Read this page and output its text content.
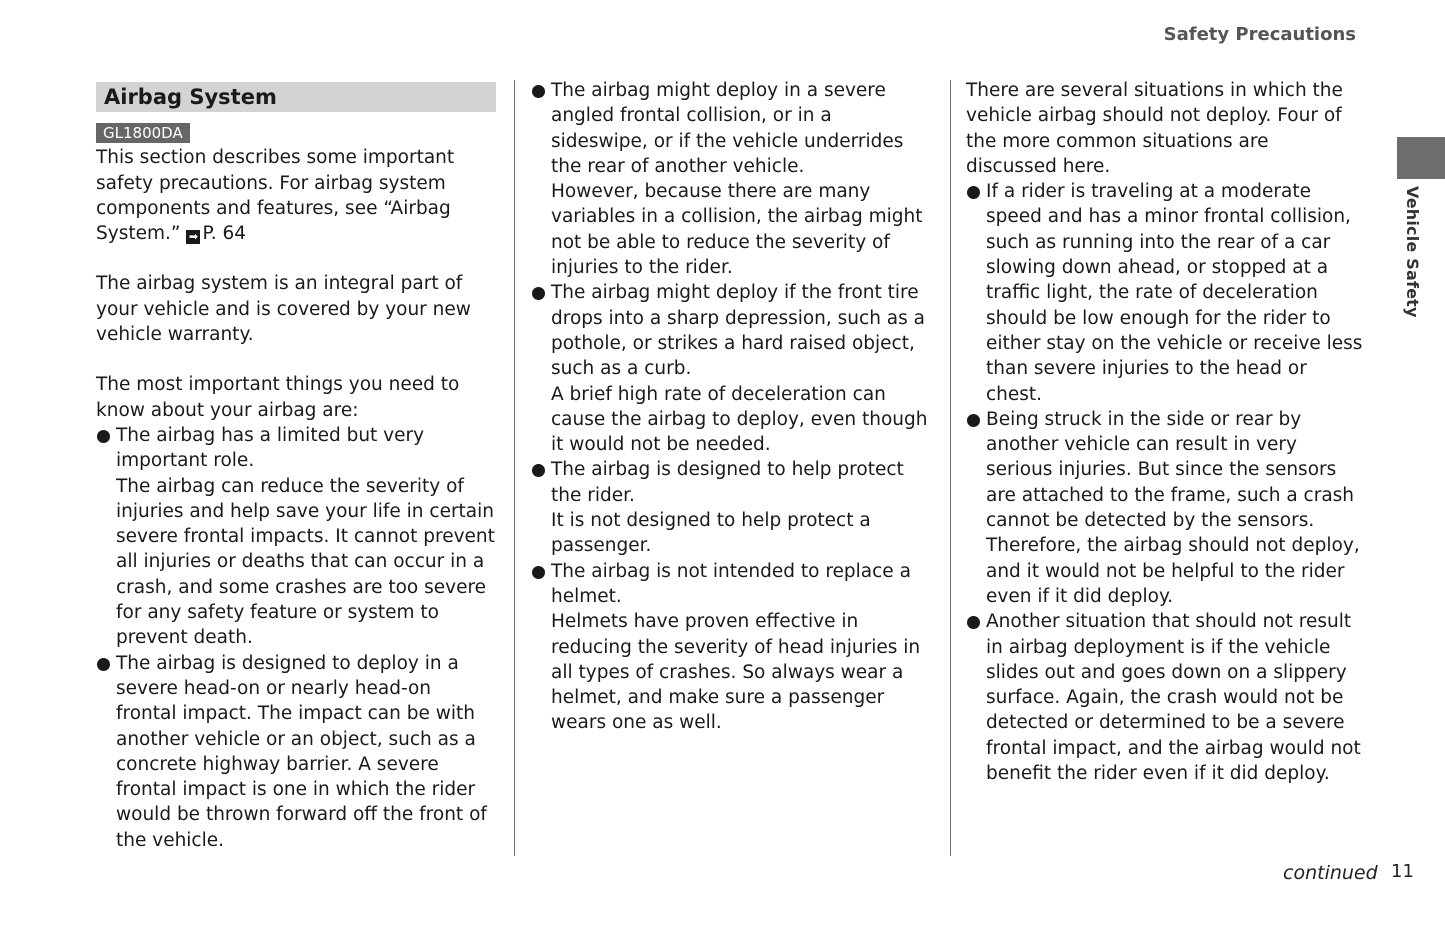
Safety Precautions
Vehicle Safety
Airbag System
GL1800DA

This section describes some important safety precautions. For airbag system components and features, see “Airbag System.” ➡ P. 64

The airbag system is an integral part of your vehicle and is covered by your new vehicle warranty.

The most important things you need to know about your airbag are:

The airbag has a limited but very important role.

The airbag can reduce the severity of injuries and help save your life in certain severe frontal impacts. It cannot prevent all injuries or deaths that can occur in a crash, and some crashes are too severe for any safety feature or system to prevent death.

The airbag is designed to deploy in a severe head-on or nearly head-on frontal impact. The impact can be with another vehicle or an object, such as a concrete highway barrier. A severe frontal impact is one in which the rider would be thrown forward off the front of the vehicle.

The airbag might deploy in a severe angled frontal collision, or in a sideswipe, or if the vehicle underrides the rear of another vehicle.

However, because there are many variables in a collision, the airbag might not be able to reduce the severity of injuries to the rider.

The airbag might deploy if the front tire drops into a sharp depression, such as a pothole, or strikes a hard raised object, such as a curb.

A brief high rate of deceleration can cause the airbag to deploy, even though it would not be needed.

The airbag is designed to help protect the rider.

It is not designed to help protect a passenger.

The airbag is not intended to replace a helmet.

Helmets have proven effective in reducing the severity of head injuries in all types of crashes. So always wear a helmet, and make sure a passenger wears one as well.

There are several situations in which the vehicle airbag should not deploy. Four of the more common situations are discussed here.

If a rider is traveling at a moderate speed and has a minor frontal collision, such as running into the rear of a car slowing down ahead, or stopped at a traffic light, the rate of deceleration should be low enough for the rider to either stay on the vehicle or receive less than severe injuries to the head or chest.

Being struck in the side or rear by another vehicle can result in very serious injuries. But since the sensors are attached to the frame, such a crash cannot be detected by the sensors. Therefore, the airbag should not deploy, and it would not be helpful to the rider even if it did deploy.

Another situation that should not result in airbag deployment is if the vehicle slides out and goes down on a slippery surface. Again, the crash would not be detected or determined to be a severe frontal impact, and the airbag would not benefit the rider even if it did deploy.

continued 11
